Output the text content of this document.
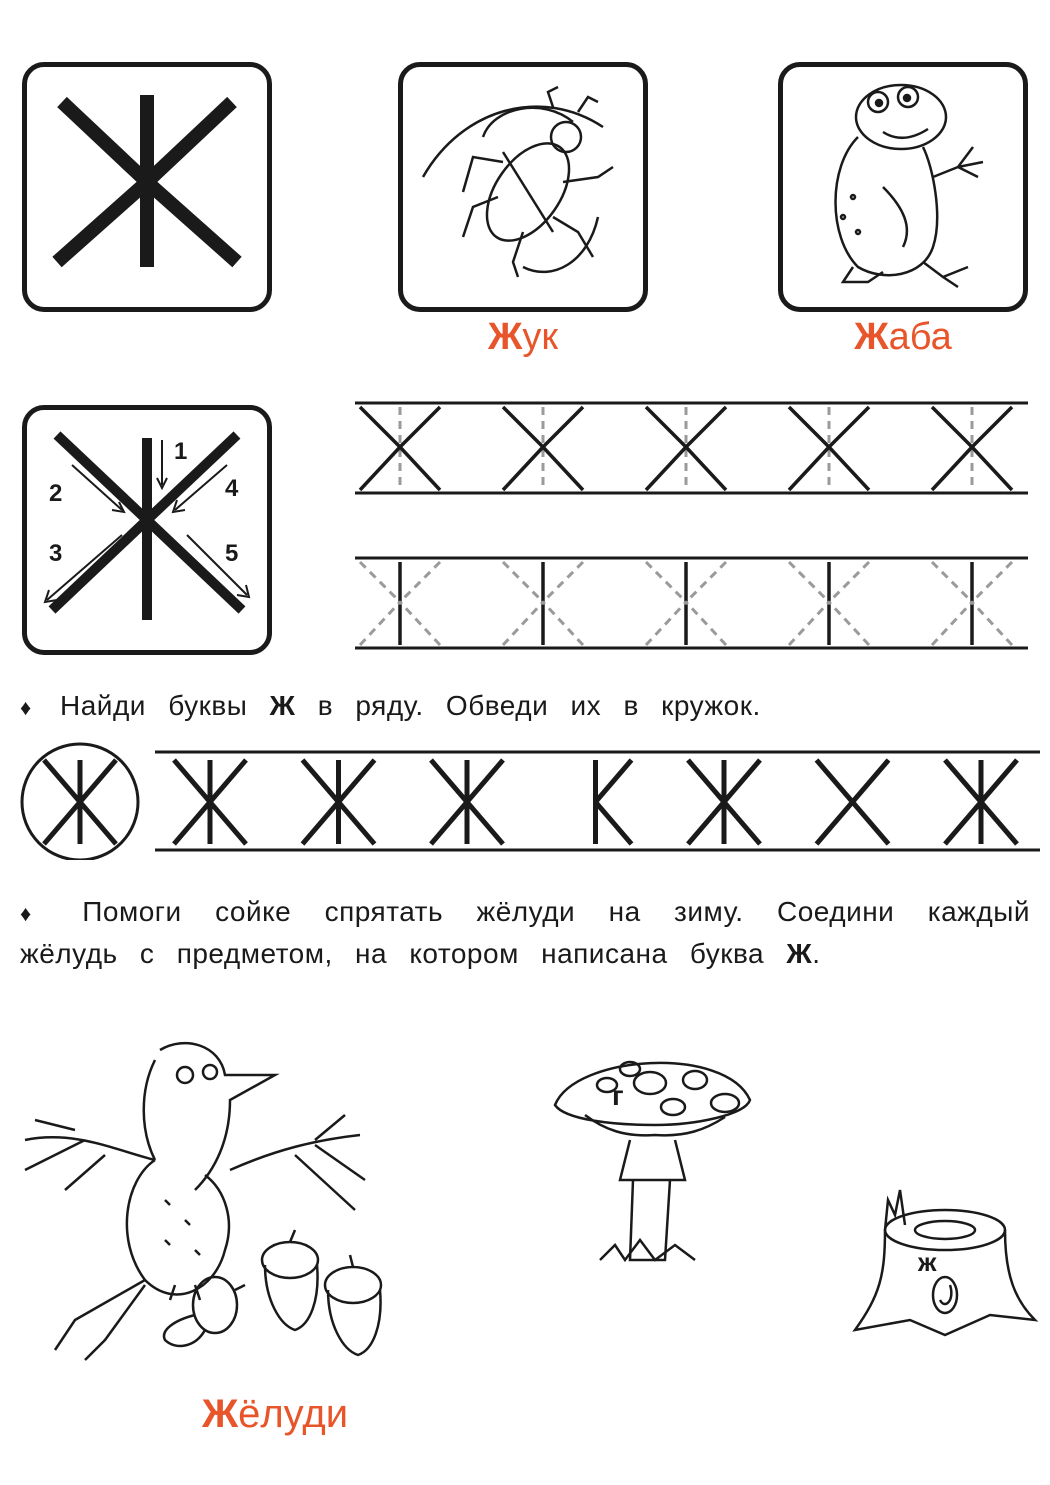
Жук	Жаба
1
2
3
4
5
♦ Найди буквы Ж в ряду. Обведи их в кружок.
♦ Помоги сойке спрятать жёлуди на зиму. Соедини каждый жёлудь с предметом, на котором написана буква Ж.
Жёлуди
г
ж
